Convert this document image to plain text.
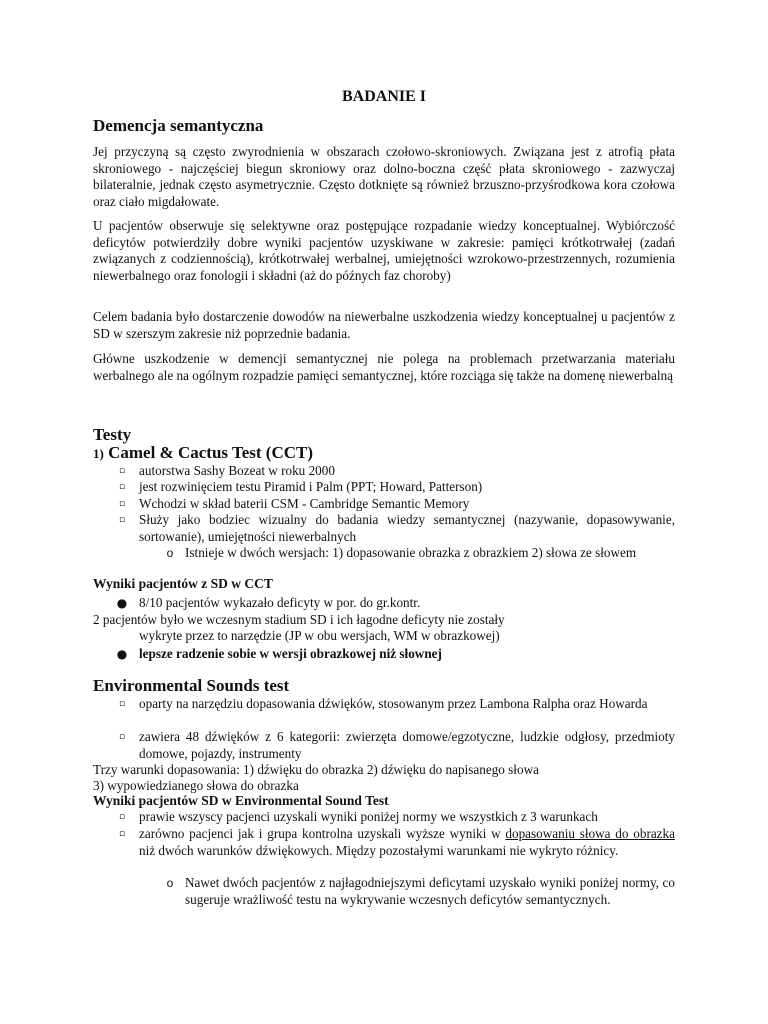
BADANIE I
Demencja semantyczna

Jej przyczyną są często zwyrodnienia w obszarach czołowo-skroniowych. Związana jest z atrofią płata skroniowego - najczęściej biegun skroniowy oraz dolno-boczna część płata skroniowego - zazwyczaj bilateralnie, jednak często asymetrycznie. Często dotknięte są również brzuszno-przyśrodkowa kora czołowa oraz ciało migdałowate.

U pacjentów obserwuje się selektywne oraz postępujące rozpadanie wiedzy konceptualnej. Wybiórczość deficytów potwierdziły dobre wyniki pacjentów uzyskiwane w zakresie: pamięci krótkotrwałej (zadań związanych z codziennością), krótkotrwałej werbalnej, umiejętności wzrokowo-przestrzennych, rozumienia niewerbalnego oraz fonologii i składni (aż do późnych faz choroby)

Celem badania było dostarczenie dowodów na niewerbalne uszkodzenia wiedzy konceptualnej u pacjentów z SD w szerszym zakresie niż poprzednie badania.

Główne uszkodzenie w demencji semantycznej nie polega na problemach przetwarzania materiału werbalnego ale na ogólnym rozpadzie pamięci semantycznej, które rozciąga się także na domenę niewerbalną

Testy
1) Camel & Cactus Test (CCT)
▫ autorstwa Sashy Bozeat w roku 2000
▫ jest rozwinięciem testu Piramid i Palm (PPT; Howard, Patterson)
▫ Wchodzi w skład baterii CSM - Cambridge Semantic Memory
▫ Służy jako bodziec wizualny do badania wiedzy semantycznej (nazywanie, dopasowywanie, sortowanie), umiejętności niewerbalnych
o Istnieje w dwóch wersjach: 1) dopasowanie obrazka z obrazkiem 2) słowa ze słowem
Wyniki pacjentów z SD w CCT
● 8/10 pacjentów wykazało deficyty w por. do gr.kontr.
2 pacjentów było we wczesnym stadium SD i ich łagodne deficyty nie zostały
wykryte przez to narzędzie (JP w obu wersjach, WM w obrazkowej)
● lepsze radzenie sobie w wersji obrazkowej niż słownej
Environmental Sounds test
▫ oparty na narzędziu dopasowania dźwięków, stosowanym przez Lambona Ralpha oraz Howarda
▫ zawiera 48 dźwięków z 6 kategorii: zwierzęta domowe/egzotyczne, ludzkie odgłosy, przedmioty domowe, pojazdy, instrumenty
Trzy warunki dopasowania: 1) dźwięku do obrazka 2) dźwięku do napisanego słowa
3) wypowiedzianego słowa do obrazka
Wyniki pacjentów SD w Environmental Sound Test
▫ prawie wszyscy pacjenci uzyskali wyniki poniżej normy we wszystkich z 3 warunkach
▫ zarówno pacjenci jak i grupa kontrolna uzyskali wyższe wyniki w dopasowaniu słowa do obrazka niż dwóch warunków dźwiękowych. Między pozostałymi warunkami nie wykryto różnicy.
o Nawet dwóch pacjentów z najłagodniejszymi deficytami uzyskało wyniki poniżej normy, co sugeruje wrażliwość testu na wykrywanie wczesnych deficytów semantycznych.
